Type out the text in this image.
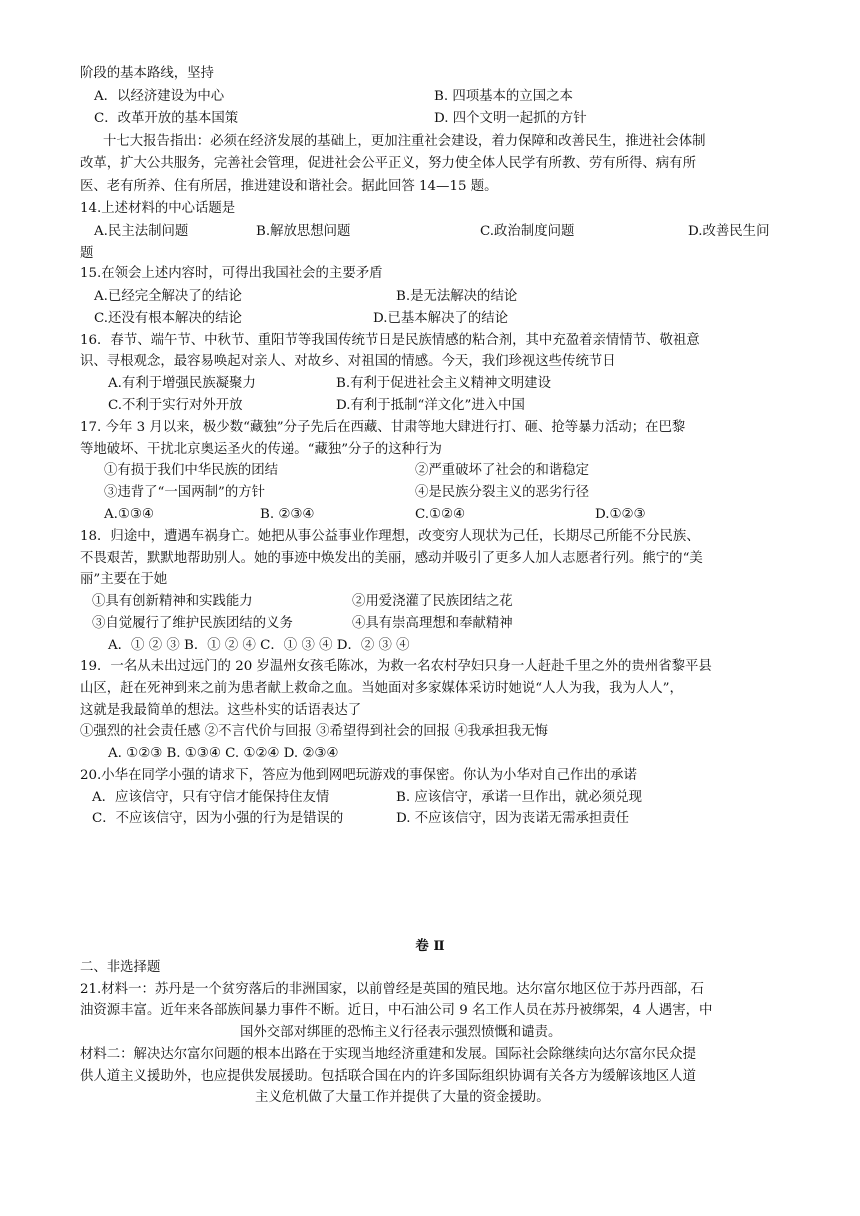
阶段的基本路线，坚持
A．以经济建设为中心	B. 四项基本的立国之本
C．改革开放的基本国策	D. 四个文明一起抓的方针
十七大报告指出：必须在经济发展的基础上，更加注重社会建设，着力保障和改善民生，推进社会体制
改革，扩大公共服务，完善社会管理，促进社会公平正义，努力使全体人民学有所教、劳有所得、病有所
医、老有所养、住有所居，推进建设和谐社会。据此回答 14—15 题。
14.上述材料的中心话题是
A.民主法制问题	B.解放思想问题	C.政治制度问题	D.改善民生问
题
15.在领会上述内容时，可得出我国社会的主要矛盾
A.已经完全解决了的结论	B.是无法解决的结论
C.还没有根本解决的结论	D.已基本解决了的结论
16．春节、端午节、中秋节、重阳节等我国传统节日是民族情感的粘合剂，其中充盈着亲情情节、敬祖意
识、寻根观念，最容易唤起对亲人、对故乡、对祖国的情感。今天，我们珍视这些传统节日
A.有利于增强民族凝聚力	B.有利于促进社会主义精神文明建设
C.不利于实行对外开放	D.有利于抵制“洋文化”进入中国
17. 今年 3 月以来，极少数“藏独”分子先后在西藏、甘肃等地大肆进行打、砸、抢等暴力活动；在巴黎
等地破坏、干扰北京奥运圣火的传递。“藏独”分子的这种行为
①有损于我们中华民族的团结	②严重破坏了社会的和谐稳定
③违背了“一国两制”的方针	④是民族分裂主义的恶劣行径
A.①③④	B. ②③④	C.①②④	D.①②③
18．归途中，遭遇车祸身亡。她把从事公益事业作理想，改变穷人现状为己任，长期尽己所能不分民族、
不畏艰苦，默默地帮助别人。她的事迹中焕发出的美丽，感动并吸引了更多人加人志愿者行列。熊宁的“美
丽”主要在于她
①具有创新精神和实践能力	②用爱浇灌了民族团结之花
③自觉履行了维护民族团结的义务	④具有崇高理想和奉献精神
A．① ② ③ B．① ② ④ C．① ③ ④ D．② ③ ④
19．一名从未出过远门的 20 岁温州女孩毛陈冰，为救一名农村孕妇只身一人赶赴千里之外的贵州省黎平县
山区，赶在死神到来之前为患者献上救命之血。当她面对多家媒体采访时她说“人人为我，我为人人”，
这就是我最简单的想法。这些朴实的话语表达了
①强烈的社会责任感 ②不言代价与回报 ③希望得到社会的回报 ④我承担我无悔
A. ①②③ B. ①③④ C. ①②④ D. ②③④
20.小华在同学小强的请求下，答应为他到网吧玩游戏的事保密。你认为小华对自己作出的承诺
A．应该信守，只有守信才能保持住友情	B. 应该信守，承诺一旦作出，就必须兑现
C．不应该信守，因为小强的行为是错误的	D. 不应该信守，因为丧诺无需承担责任
卷 Ⅱ
二、非选择题
21.材料一：苏丹是一个贫穷落后的非洲国家，以前曾经是英国的殖民地。达尔富尔地区位于苏丹西部，石
油资源丰富。近年来各部族间暴力事件不断。近日，中石油公司 9 名工作人员在苏丹被绑架，4 人遇害，中
国外交部对绑匪的恐怖主义行径表示强烈愤慨和谴责。
材料二：解决达尔富尔问题的根本出路在于实现当地经济重建和发展。国际社会除继续向达尔富尔民众提
供人道主义援助外，也应提供发展援助。包括联合国在内的许多国际组织协调有关各方为缓解该地区人道
主义危机做了大量工作并提供了大量的资金援助。
